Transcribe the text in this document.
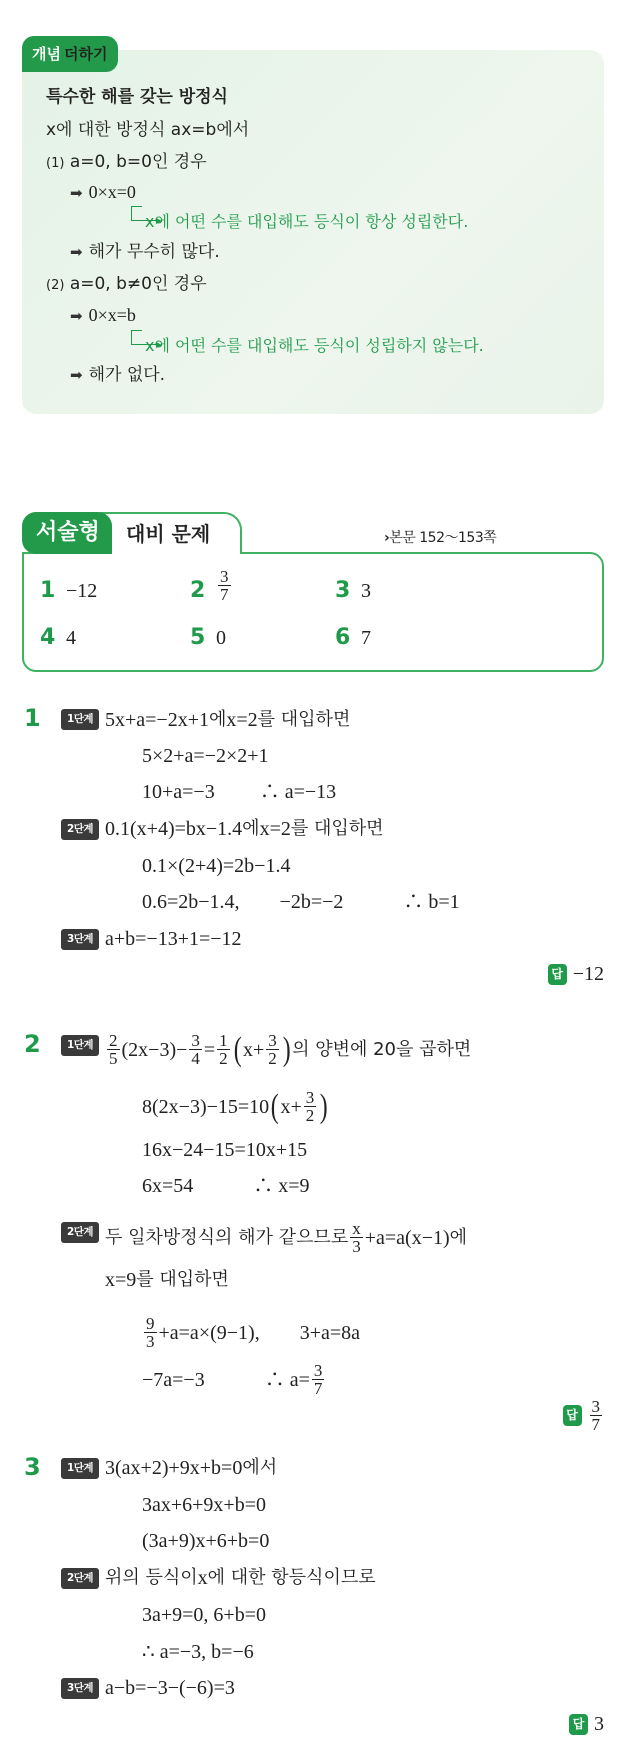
개념 더하기
특수한 해를 갖는 방정식
x에 대한 방정식 ax=b에서
(1) a=0, b=0인 경우
➡ 0×x=0
x에 어떤 수를 대입해도 등식이 항상 성립한다.
➡ 해가 무수히 많다.
(2) a=0, b≠0인 경우
➡ 0×x=b
x에 어떤 수를 대입해도 등식이 성립하지 않는다.
➡ 해가 없다.
서술형	대비 문제	›본문 152～153쪽
1 −12	$2 \frac{3}{7}$	3 3
4 4	5 0	6 7
1	1단계 5x+a=−2x+1 에 x=2 를 대입하면
5×2+a=−2×2+1
10+a=−3　　 ∴ a=−13
2단계 0.1(x+4)=bx−1.4 에 x=2 를 대입하면
0.1×(2+4)=2b−1.4
0.6=2b−1.4,　　−2b=−2　　　∴ b=1
3단계 a+b=−13+1=−12
답 −12
2	1단계 $\frac{2}{5} (2x-3)- \frac{3}{4} = \frac{1}{2}$ ( $x+ \frac{3}{2}$ ) 의 양변에 20을 곱하면
8(2x−3)−15=10 ( $x+ \frac{3}{2}$ )
16x−24−15=10x+15
6x=54　　　∴ x=9
2단계 두 일차방정식의 해가 같으므로 $\frac{x}{3} +a=a(x-1)$ 에
x=9 를 대입하면
$\frac{9}{3} +a=a\times(9-1)$,　　3+a=8a
−7a=−3　　　∴ $a= \frac{3}{7}$
답 $\frac{3}{7}$
3	1단계 3(ax+2)+9x+b=0 에서
3ax+6+9x+b=0
(3a+9)x+6+b=0
2단계 위의 등식이 x 에 대한 항등식이므로
3a+9=0, 6+b=0
∴ a=−3, b=−6
3단계 a−b=−3−(−6)=3
답 3
